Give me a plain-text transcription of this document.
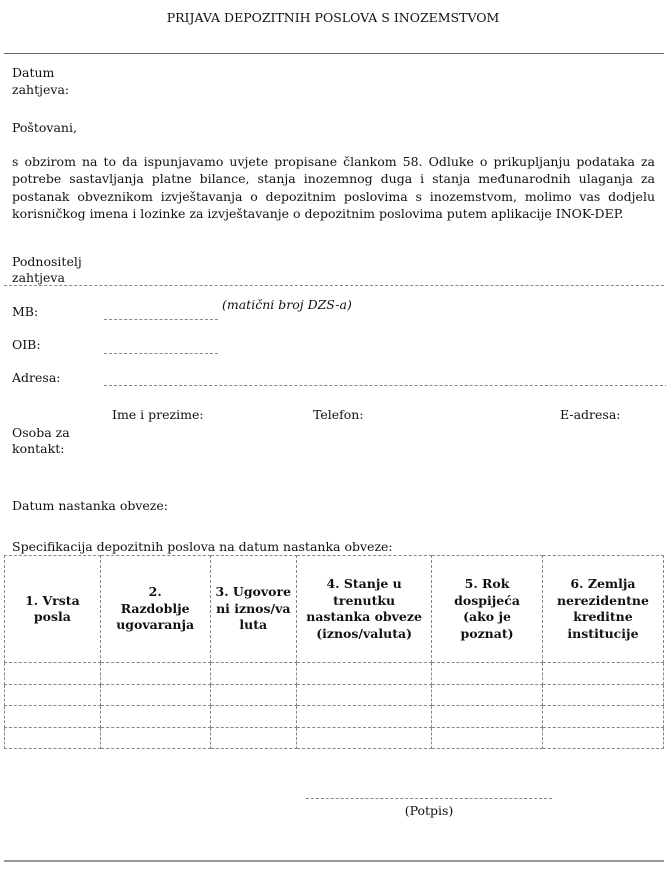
PRIJAVA DEPOZITNIH POSLOVA S INOZEMSTVOM
Datum
zahtjeva:
Poštovani,
s obzirom na to da ispunjavamo uvjete propisane člankom 58. Odluke o prikupljanju podataka za potrebe sastavljanja platne bilance, stanja inozemnog duga i stanja međunarodnih ulaganja za postanak obveznikom izvještavanja o depozitnim poslovima s inozemstvom, molimo vas dodjelu korisničkog imena i lozinke za izvještavanje o depozitnim poslovima putem aplikacije INOK-DEP.
Podnositelj
zahtjeva
MB:	(matični broj DZS-a)
OIB:
Adresa:
Ime i prezime:	Telefon:	E-adresa:
Osoba za
kontakt:
Datum nastanka obveze:
Specifikacija depozitnih poslova na datum nastanka obveze:
1. Vrsta posla	2. Razdoblje ugovaranja	3. Ugovoreni iznos/valuta	4. Stanje u trenutku nastanka obveze (iznos/valuta)	5. Rok dospijeća (ako je poznat)	6. Zemlja nerezidentne kreditne institucije

(Potpis)
